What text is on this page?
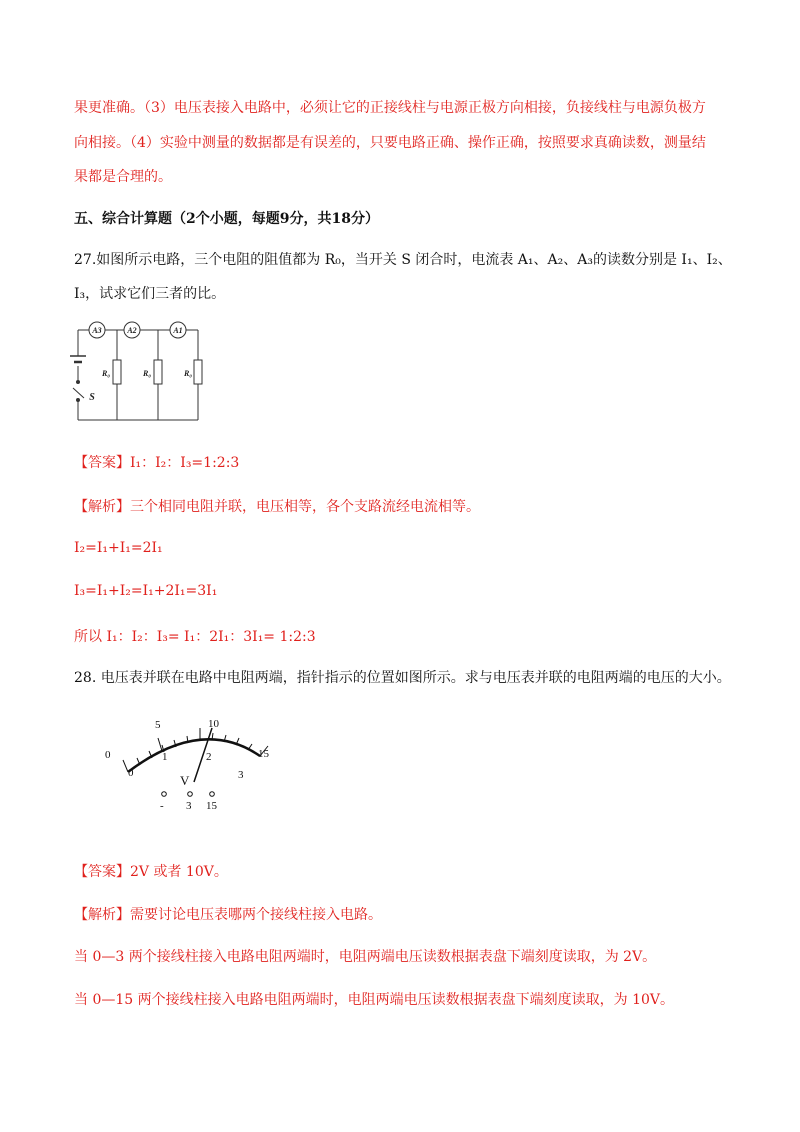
果更准确。（3）电压表接入电路中，必须让它的正接线柱与电源正极方向相接，负接线柱与电源负极方
向相接。（4）实验中测量的数据都是有误差的，只要电路正确、操作正确，按照要求真确读数，测量结
果都是合理的。
五、综合计算题（2个小题，每题9分，共18分）
27.如图所示电路，三个电阻的阻值都为 R₀，当开关 S 闭合时，电流表 A₁、A₂、A₃的读数分别是 I₁、I₂、
I₃，试求它们三者的比。
A3	A2	A1
R₀	R₀	R₀
S
【答案】I₁：I₂：I₃=1:2:3
【解析】三个相同电阻并联，电压相等，各个支路流经电流相等。
I₂=I₁+I₁=2I₁
I₃=I₁+I₂=I₁+2I₁=3I₁
所以 I₁：I₂：I₃= I₁：2I₁：3I₁= 1:2:3
28. 电压表并联在电路中电阻两端，指针指示的位置如图所示。求与电压表并联的电阻两端的电压的大小。
0
5	10
15
0
1	2
3
V
- 3 15
【答案】2V 或者 10V。
【解析】需要讨论电压表哪两个接线柱接入电路。
当 0—3 两个接线柱接入电路电阻两端时，电阻两端电压读数根据表盘下端刻度读取，为 2V。
当 0—15 两个接线柱接入电路电阻两端时，电阻两端电压读数根据表盘下端刻度读取，为 10V。
